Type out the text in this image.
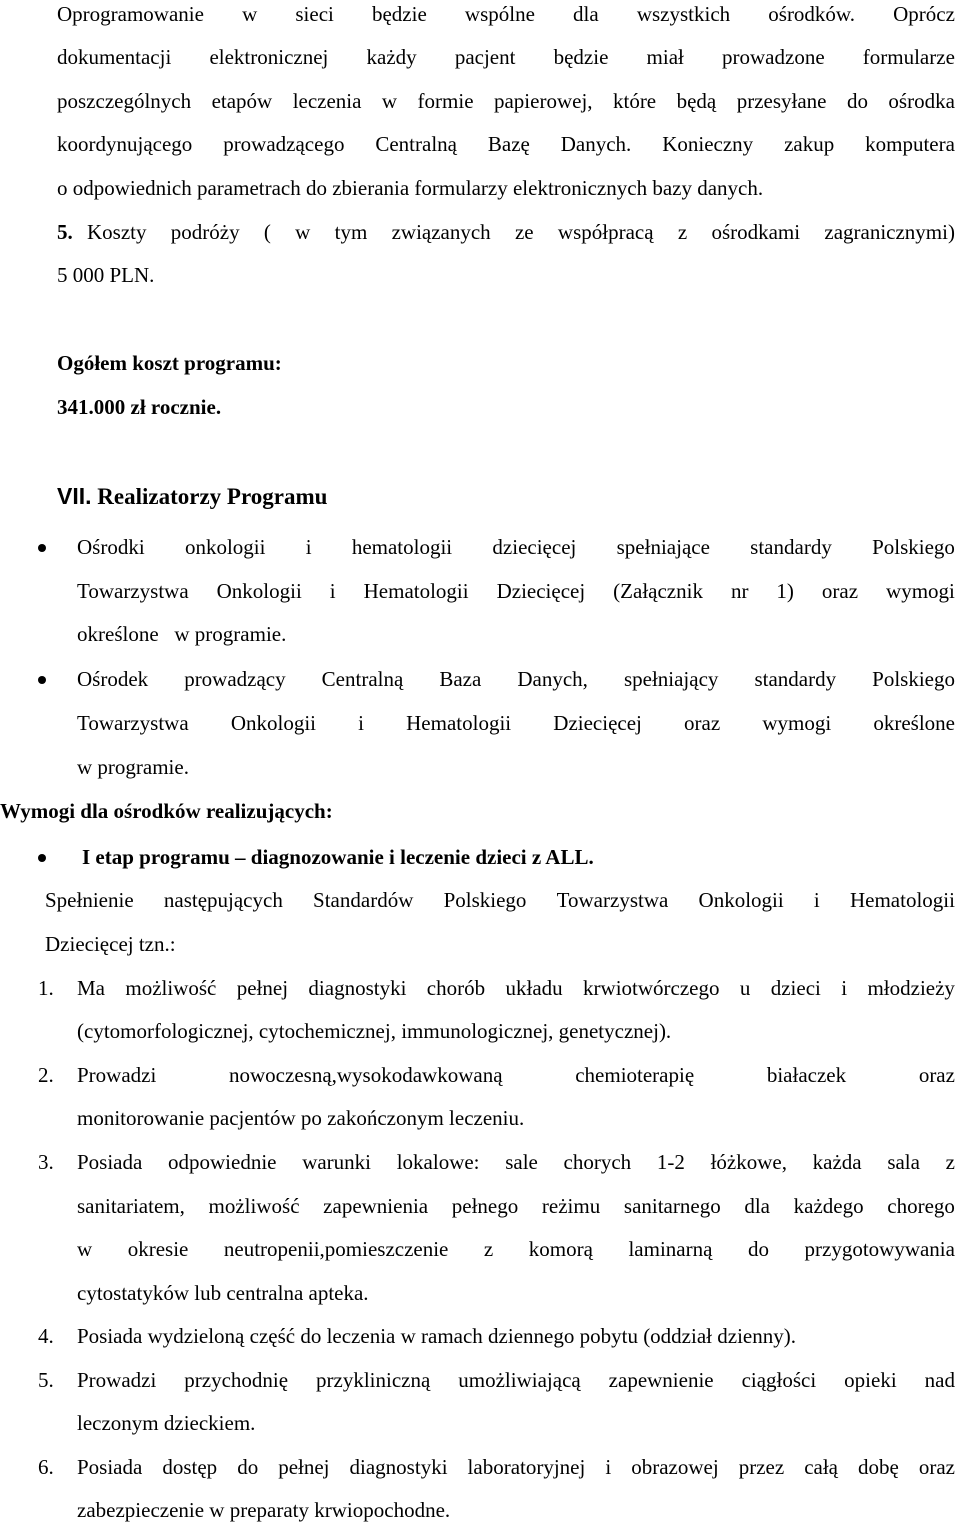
Oprogramowanie w sieci będzie wspólne dla wszystkich ośrodków. Oprócz
dokumentacji elektronicznej każdy pacjent będzie miał prowadzone formularze
poszczególnych etapów leczenia w formie papierowej, które będą przesyłane do ośrodka
koordynującego prowadzącego Centralną Bazę Danych. Konieczny zakup komputera
o odpowiednich parametrach do zbierania formularzy elektronicznych bazy danych.
5. Koszty podróży ( w tym związanych ze współpracą z ośrodkami zagranicznymi)
5 000 PLN.
Ogółem koszt programu:
341.000 zł rocznie.
VII. Realizatorzy Programu
Ośrodki onkologii i hematologii dziecięcej spełniające standardy Polskiego
Towarzystwa Onkologii i Hematologii Dziecięcej (Załącznik nr 1) oraz wymogi
określone   w programie.
Ośrodek prowadzący Centralną Baza Danych, spełniający standardy Polskiego
Towarzystwa Onkologii i Hematologii Dziecięcej oraz wymogi określone
w programie.
Wymogi dla ośrodków realizujących:
I etap programu – diagnozowanie i leczenie dzieci z ALL.
Spełnienie następujących Standardów Polskiego Towarzystwa Onkologii i Hematologii
Dziecięcej tzn.:
1. Ma możliwość pełnej diagnostyki chorób układu krwiotwórczego u dzieci i młodzieży
(cytomorfologicznej, cytochemicznej, immunologicznej, genetycznej).
2. Prowadzi	nowoczesną,wysokodawkowaną	chemioterapię	białaczek	oraz
monitorowanie pacjentów po zakończonym leczeniu.
3. Posiada odpowiednie warunki lokalowe: sale chorych 1-2 łóżkowe, każda sala z
sanitariatem, możliwość zapewnienia pełnego reżimu sanitarnego dla każdego chorego
w okresie neutropenii,pomieszczenie z komorą laminarną do przygotowywania
cytostatyków lub centralna apteka.
4. Posiada wydzieloną część do leczenia w ramach dziennego pobytu (oddział dzienny).
5. Prowadzi przychodnię przykliniczną umożliwiającą zapewnienie ciągłości opieki nad
leczonym dzieckiem.
6. Posiada dostęp do pełnej diagnostyki laboratoryjnej i obrazowej przez całą dobę oraz
zabezpieczenie w preparaty krwiopochodne.
